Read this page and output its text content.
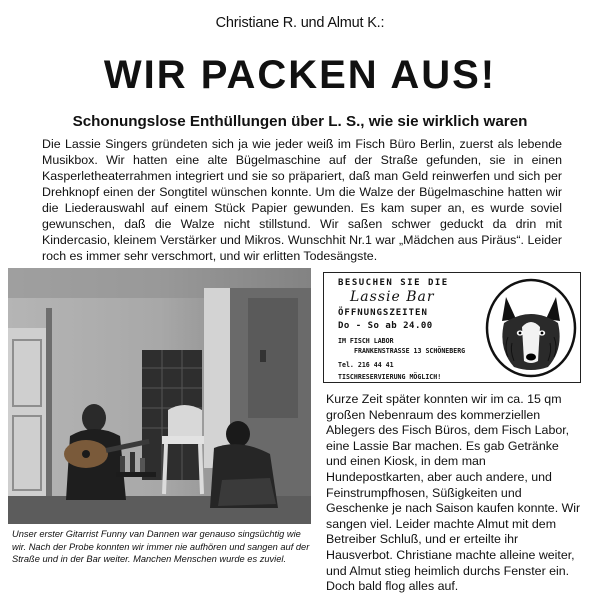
Christiane R. und Almut K.:
WIR PACKEN AUS!
Schonungslose Enthüllungen über L. S., wie sie wirklich waren

Die Lassie Singers gründeten sich ja wie jeder weiß im Fisch Büro Berlin, zuerst als lebende Musikbox. Wir hatten eine alte Bügelmaschine auf der Straße gefunden, sie in einen Kasperletheaterrahmen integriert und sie so präpariert, daß man Geld reinwerfen und sich per Drehknopf einen der Songtitel wünschen konnte. Um die Walze der Bügelmaschine hatten wir die Liederauswahl auf einem Stück Papier gewunden. Es kam super an, es wurde soviel gewunschen, daß die Walze nicht stillstund. Wir saßen schwer geduckt da drin mit Kindercasio, kleinem Verstärker und Mikros. Wunschhit Nr.1 war „Mädchen aus Piräus“. Leider roch es immer sehr verschmort, und wir erlitten Todesängste.

Unser erster Gitarrist Funny van Dannen war genauso singsüchtig wie wir. Nach der Probe konnten wir immer nie aufhören und sangen auf der Straße und in der Bar weiter. Manchen Menschen wurde es zuviel.

BESUCHEN SIE DIE
Lassie Bar
ÖFFNUNGSZEITEN
Do - So ab 24.00
IM FISCH LABOR
FRANKENSTRASSE 13 SCHÖNEBERG
Tel. 216 44 41
TISCHRESERVIERUNG MÖGLICH!

Kurze Zeit später konnten wir im ca. 15 qm großen Nebenraum des kommerziellen Ablegers des Fisch Büros, dem Fisch Labor, eine Lassie Bar machen. Es gab Getränke und einen Kiosk, in dem man Hundepostkarten, aber auch andere, und Feinstrumpfhosen, Süßigkeiten und Geschenke je nach Saison kaufen konnte. Wir sangen viel. Leider machte Almut mit dem Betreiber Schluß, und er erteilte ihr Hausverbot. Christiane machte alleine weiter, und Almut stieg heimlich durchs Fenster ein. Doch bald flog alles auf.
